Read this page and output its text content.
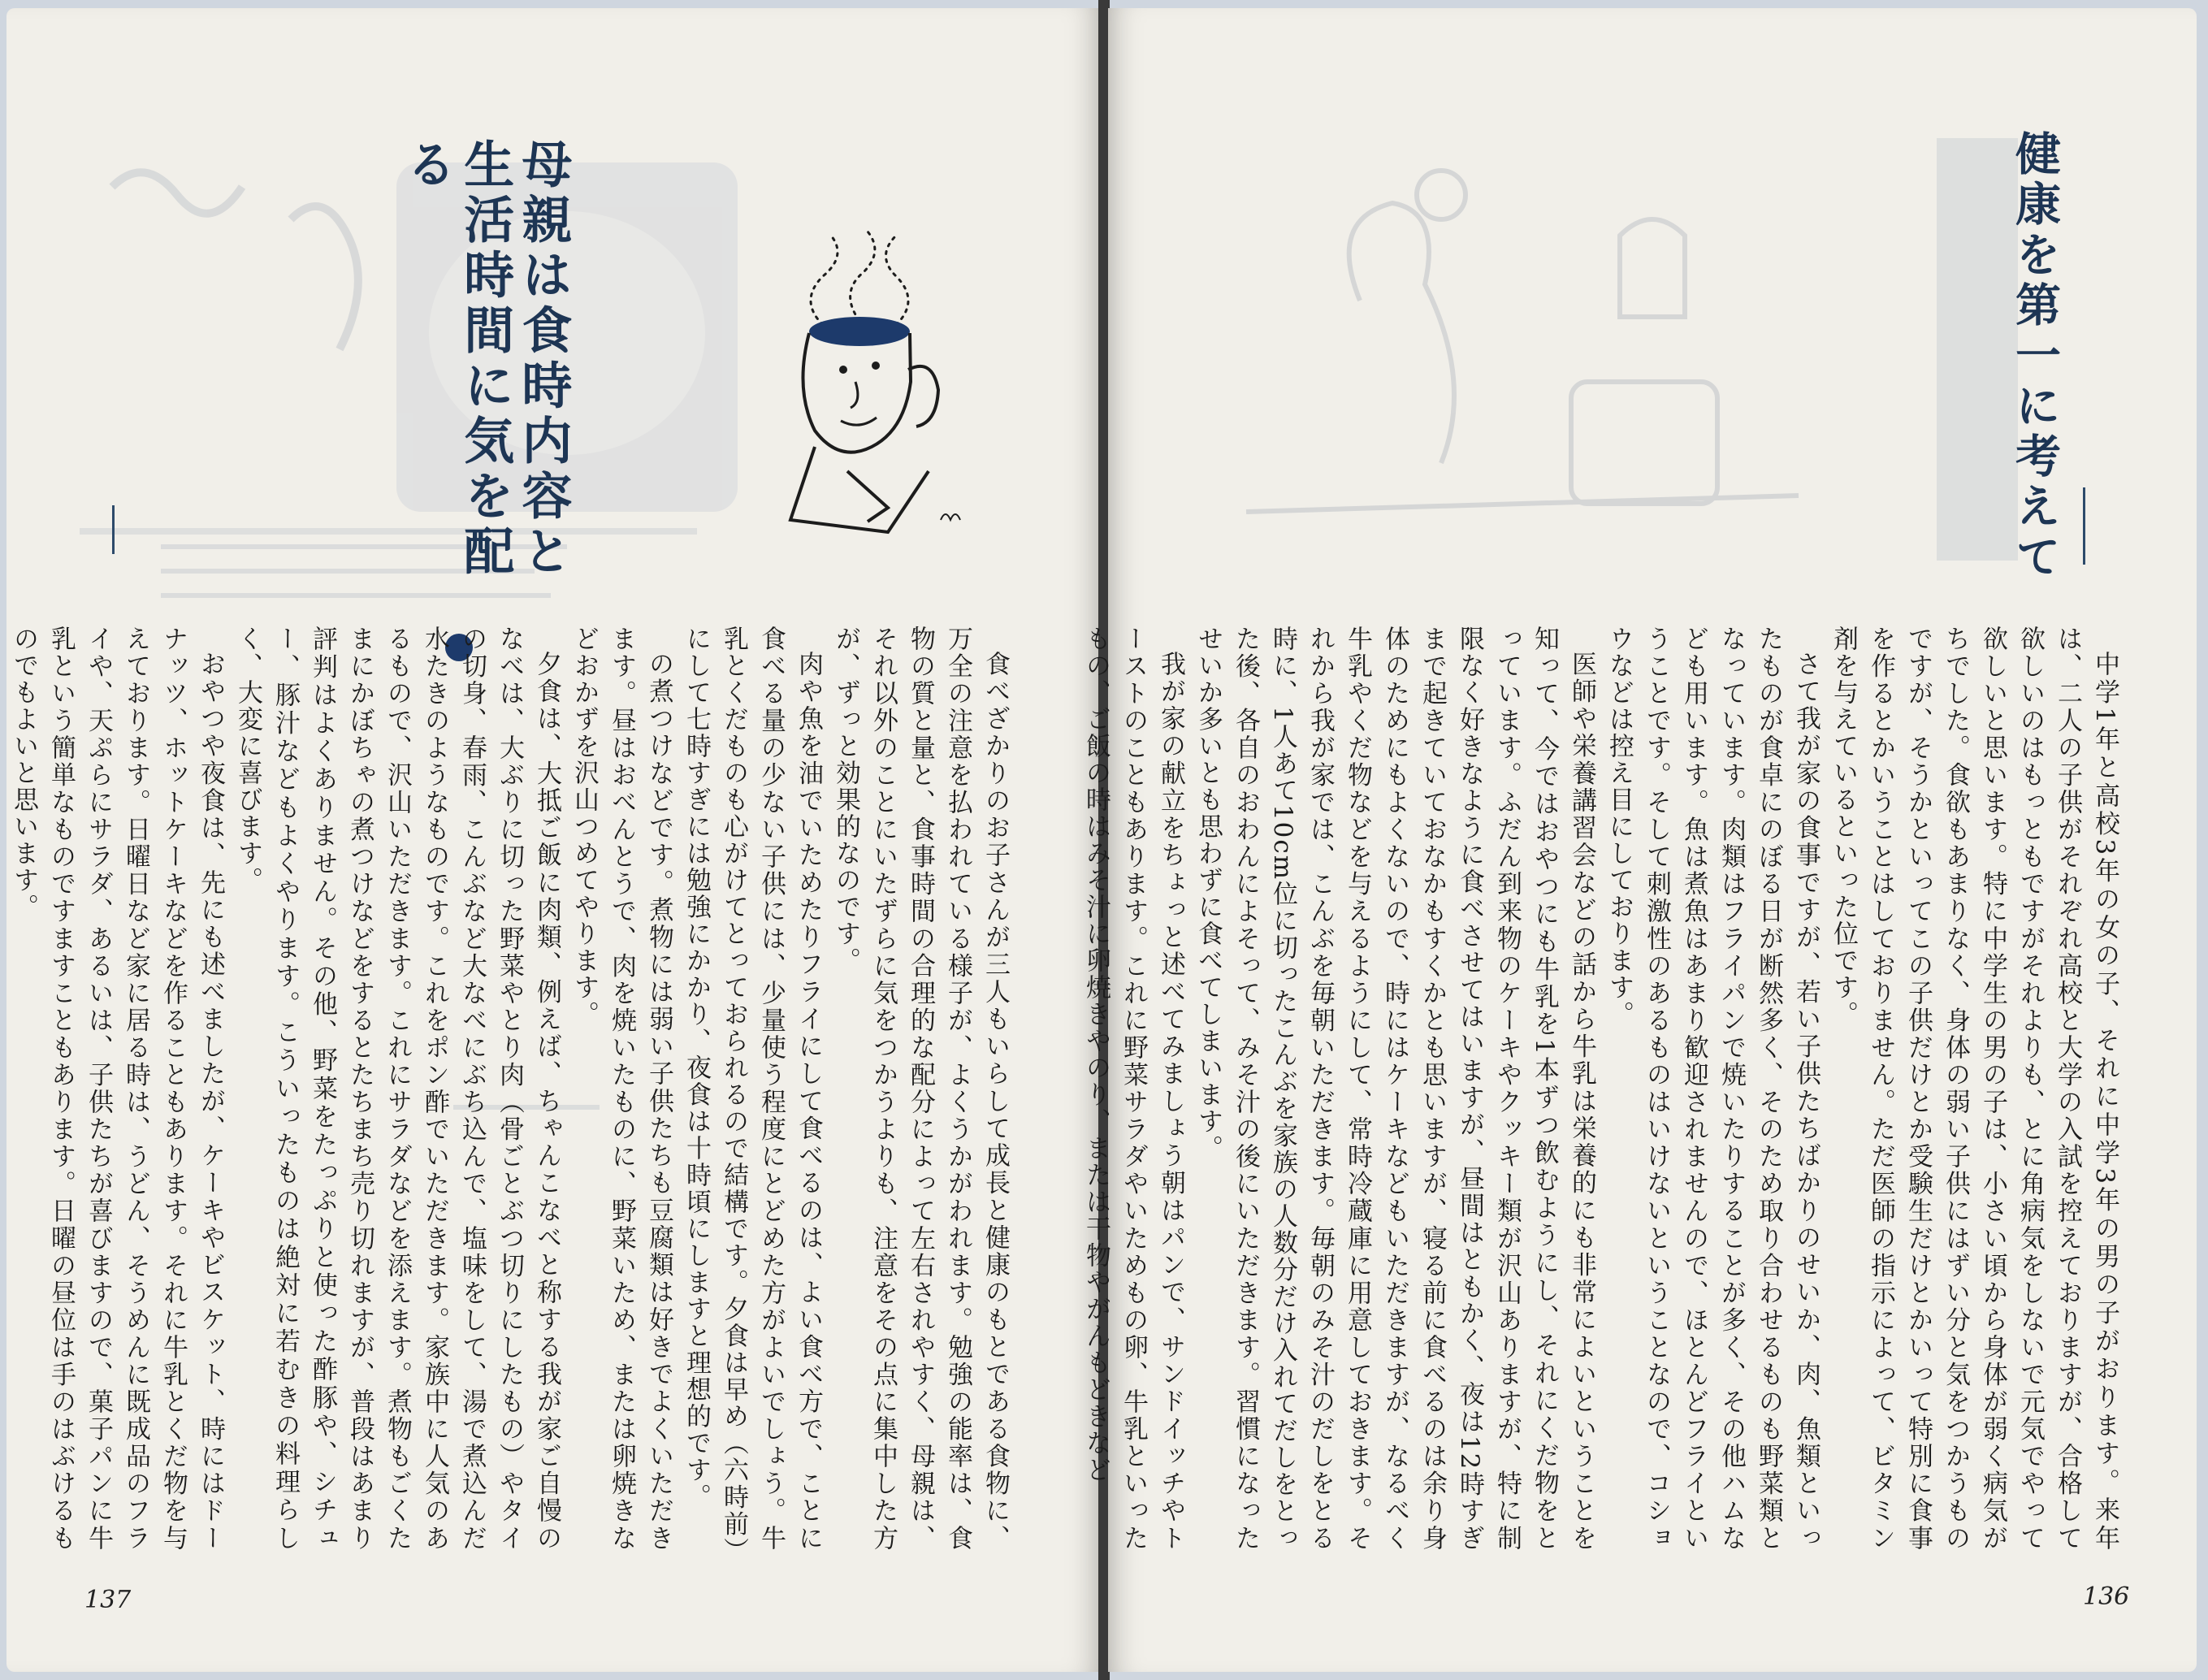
母親は食時内容と生活時間に気を配る

食べざかりのお子さんが三人もいらして成長と健康のもとである食物に、万全の注意を払われている様子が、よくうかがわれます。勉強の能率は、食物の質と量と、食事時間の合理的な配分によって左右されやすく、母親は、それ以外のことにいたずらに気をつかうよりも、注意をその点に集中した方が、ずっと効果的なのです。

肉や魚を油でいためたりフライにして食べるのは、よい食べ方で、ことに食べる量の少ない子供には、少量使う程度にとどめた方がよいでしょう。牛乳とくだものも心がけてとっておられるので結構です。夕食は早め（六時前）にして七時すぎには勉強にかかり、夜食は十時頃にしますと理想的です。

の煮つけなどです。煮物には弱い子供たちも豆腐類は好きでよくいただきます。昼はおべんとうで、肉を焼いたものに、野菜いため、または卵焼きなどおかずを沢山つめてやります。

夕食は、大抵ご飯に肉類、例えば、ちゃんこなべと称する我が家ご自慢のなべは、大ぶりに切った野菜やとり肉（骨ごとぶつ切りにしたもの）やタイの切身、春雨、こんぶなど大なべにぶち込んで、塩味をして、湯で煮込んだ水たきのようなものです。これをポン酢でいただきます。家族中に人気のあるもので、沢山いただきます。これにサラダなどを添えます。煮物もごくたまにかぼちゃの煮つけなどをするとたちまち売り切れますが、普段はあまり評判はよくありません。その他、野菜をたっぷりと使った酢豚や、シチュー、豚汁などもよくやります。こういったものは絶対に若むきの料理らしく、大変に喜びます。

おやつや夜食は、先にも述べましたが、ケーキやビスケット、時にはドーナッツ、ホットケーキなどを作ることもあります。それに牛乳とくだ物を与えております。日曜日など家に居る時は、うどん、そうめんに既成品のフライや、天ぷらにサラダ、あるいは、子供たちが喜びますので、菓子パンに牛乳という簡単なものですますこともあります。日曜の昼位は手のはぶけるものでもよいと思います。

137
健康を第一に考えて

中学1年と高校3年の女の子、それに中学3年の男の子がおります。来年は、二人の子供がそれぞれ高校と大学の入試を控えておりますが、合格して欲しいのはもっともですがそれよりも、とに角病気をしないで元気でやって欲しいと思います。特に中学生の男の子は、小さい頃から身体が弱く病気がちでした。食欲もあまりなく、身体の弱い子供にはずい分と気をつかうものですが、そうかといってこの子供だけとか受験生だけとかいって特別に食事を作るとかいうことはしておりません。ただ医師の指示によって、ビタミン剤を与えているといった位です。

さて我が家の食事ですが、若い子供たちばかりのせいか、肉、魚類といったものが食卓にのぼる日が断然多く、そのため取り合わせるものも野菜類となっています。肉類はフライパンで焼いたりすることが多く、その他ハムなども用います。魚は煮魚はあまり歓迎されませんので、ほとんどフライということです。そして刺激性のあるものはいけないということなので、コショウなどは控え目にしております。

医師や栄養講習会などの話から牛乳は栄養的にも非常によいということを知って、今ではおやつにも牛乳を1本ずつ飲むようにし、それにくだ物をとっています。ふだん到来物のケーキやクッキー類が沢山ありますが、特に制限なく好きなように食べさせてはいますが、昼間はともかく、夜は12時すぎまで起きていておなかもすくかとも思いますが、寝る前に食べるのは余り身体のためにもよくないので、時にはケーキなどもいただきますが、なるべく牛乳やくだ物などを与えるようにして、常時冷蔵庫に用意しておきます。それから我が家では、こんぶを毎朝いただきます。毎朝のみそ汁のだしをとる時に、1人あて10cm位に切ったこんぶを家族の人数分だけ入れてだしをとった後、各自のおわんによそって、みそ汁の後にいただきます。習慣になったせいか多いとも思わずに食べてしまいます。

我が家の献立をちょっと述べてみましょう朝はパンで、サンドイッチやトーストのこともあります。これに野菜サラダやいためもの卵、牛乳といったもの、ご飯の時はみそ汁に卵焼きやのり、または干物やがんもどきなど

136
